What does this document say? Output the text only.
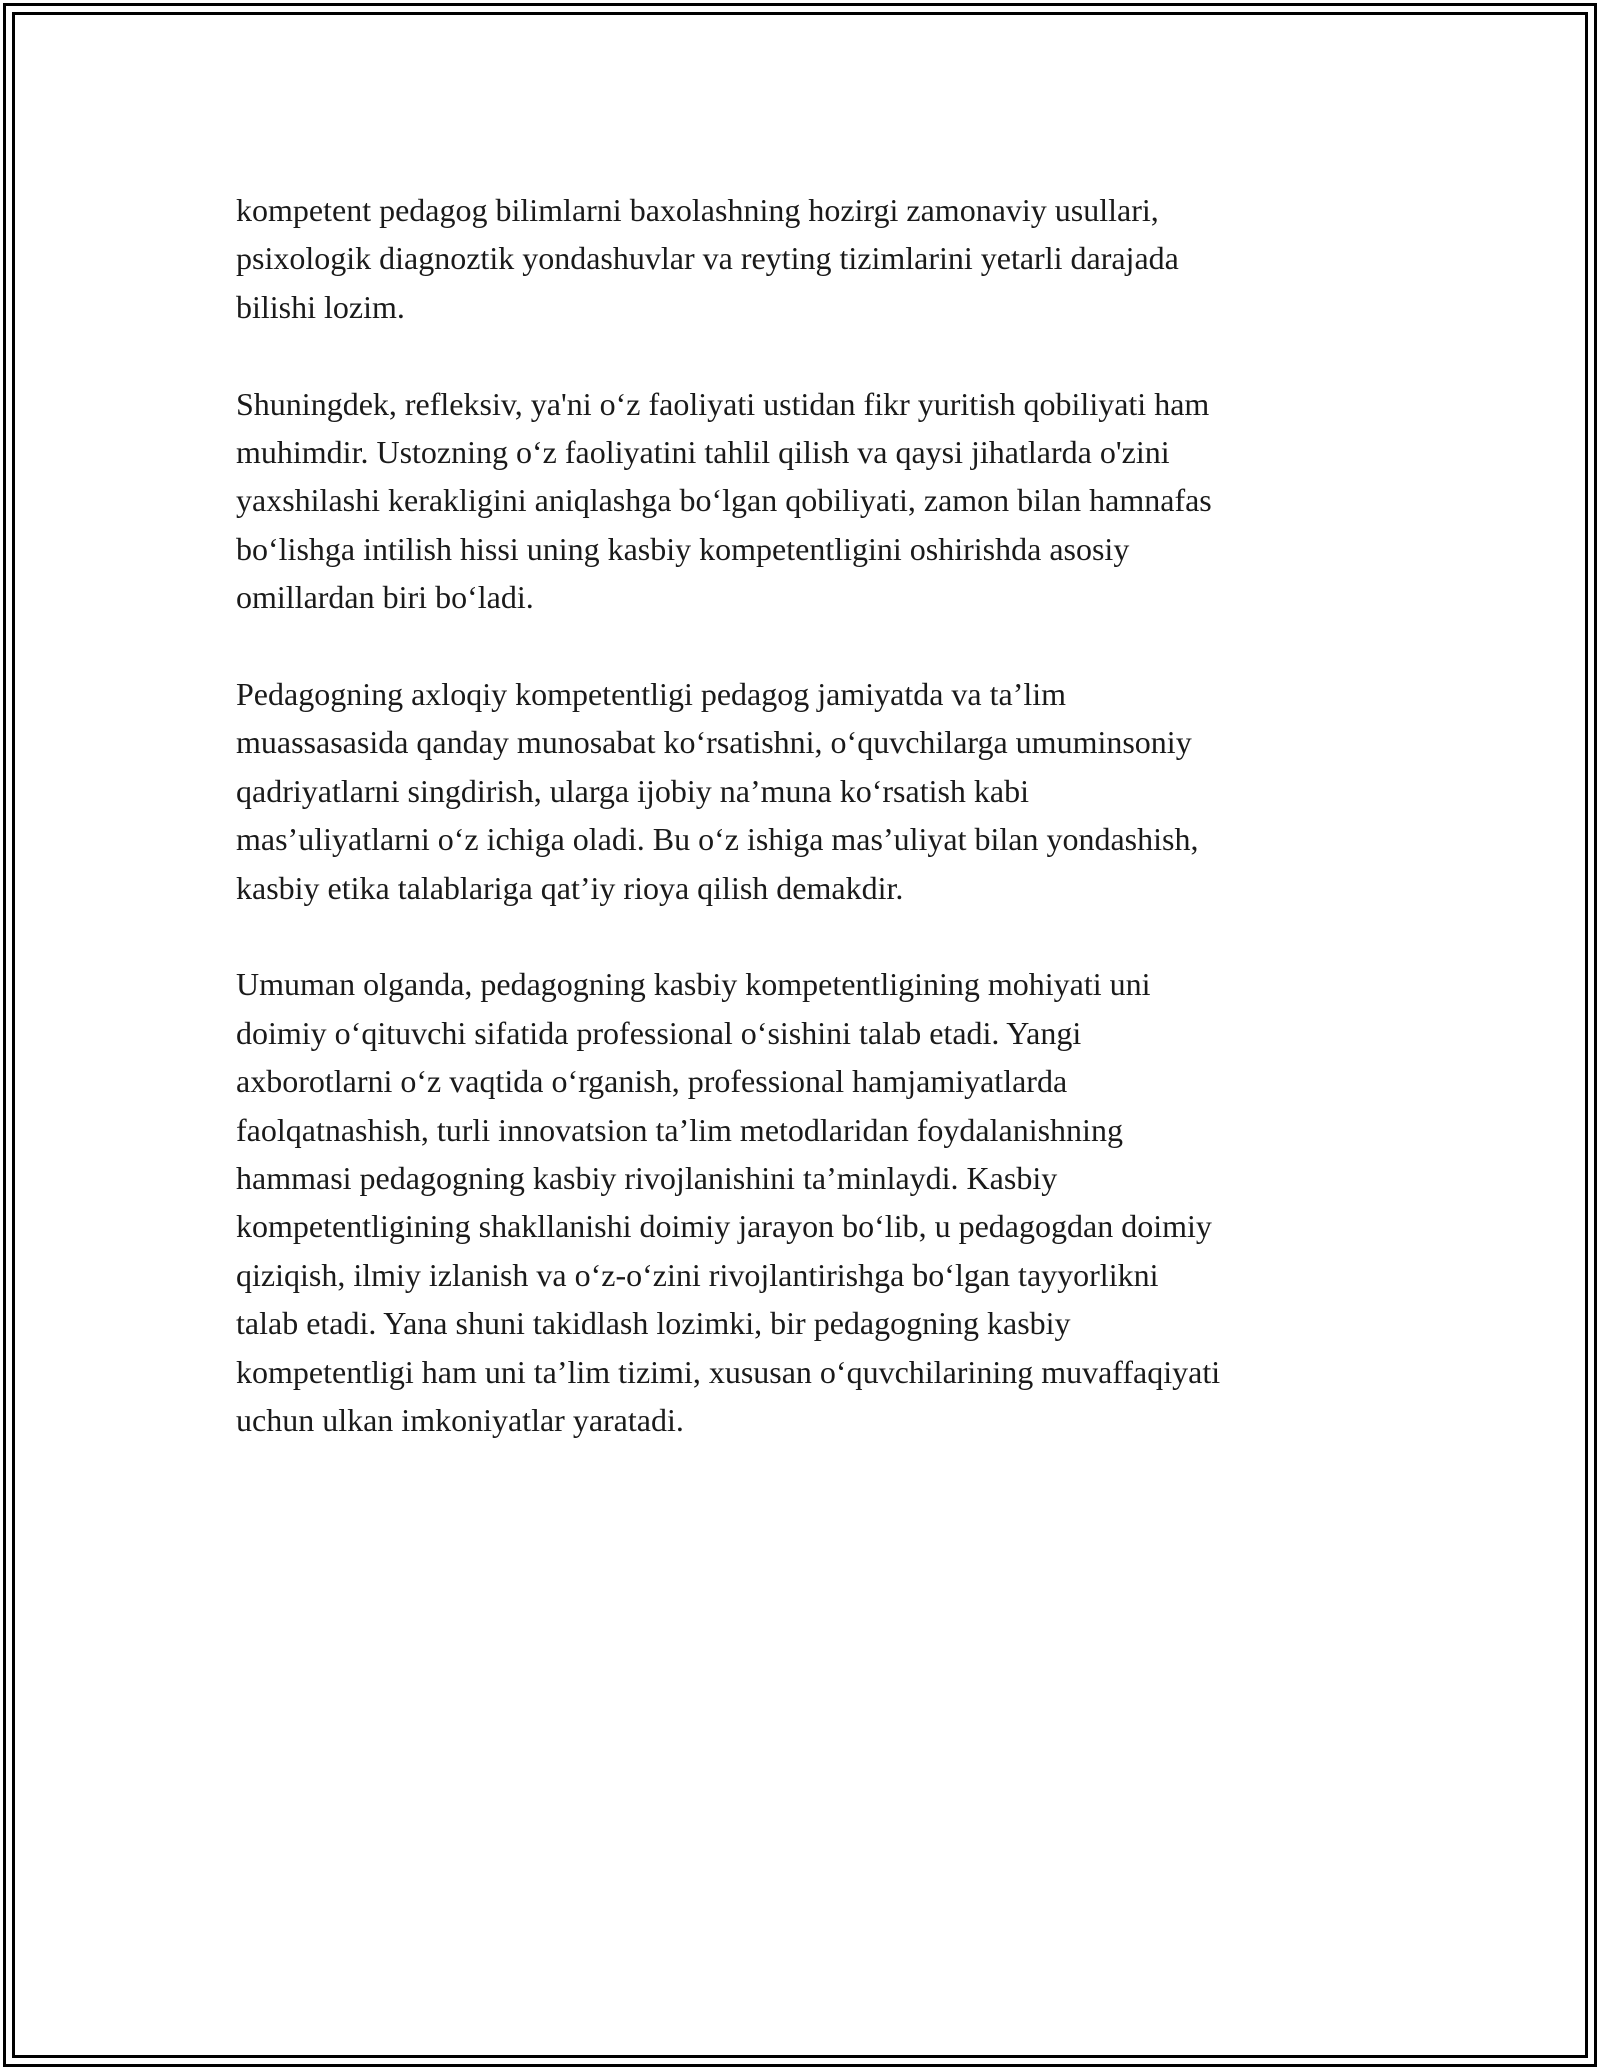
kompetent pedagog bilimlarni baxolashning hozirgi zamonaviy usullari,
psixologik diagnoztik yondashuvlar va reyting tizimlarini yetarli darajada
bilishi lozim.

Shuningdek, refleksiv, ya'ni o‘z faoliyati ustidan fikr yuritish qobiliyati ham
muhimdir. Ustozning o‘z faoliyatini tahlil qilish va qaysi jihatlarda o'zini
yaxshilashi kerakligini aniqlashga bo‘lgan qobiliyati, zamon bilan hamnafas
bo‘lishga intilish hissi uning kasbiy kompetentligini oshirishda asosiy
omillardan biri bo‘ladi.

Pedagogning axloqiy kompetentligi pedagog jamiyatda va ta’lim
muassasasida qanday munosabat ko‘rsatishni, o‘quvchilarga umuminsoniy
qadriyatlarni singdirish, ularga ijobiy na’muna ko‘rsatish kabi
mas’uliyatlarni o‘z ichiga oladi. Bu o‘z ishiga mas’uliyat bilan yondashish,
kasbiy etika talablariga qat’iy rioya qilish demakdir.

Umuman olganda, pedagogning kasbiy kompetentligining mohiyati uni
doimiy o‘qituvchi sifatida professional o‘sishini talab etadi. Yangi
axborotlarni o‘z vaqtida o‘rganish, professional hamjamiyatlarda
faolqatnashish, turli innovatsion ta’lim metodlaridan foydalanishning
hammasi pedagogning kasbiy rivojlanishini ta’minlaydi. Kasbiy
kompetentligining shakllanishi doimiy jarayon bo‘lib, u pedagogdan doimiy
qiziqish, ilmiy izlanish va o‘z-o‘zini rivojlantirishga bo‘lgan tayyorlikni
talab etadi. Yana shuni takidlash lozimki, bir pedagogning kasbiy
kompetentligi ham uni ta’lim tizimi, xususan o‘quvchilarining muvaffaqiyati
uchun ulkan imkoniyatlar yaratadi.
